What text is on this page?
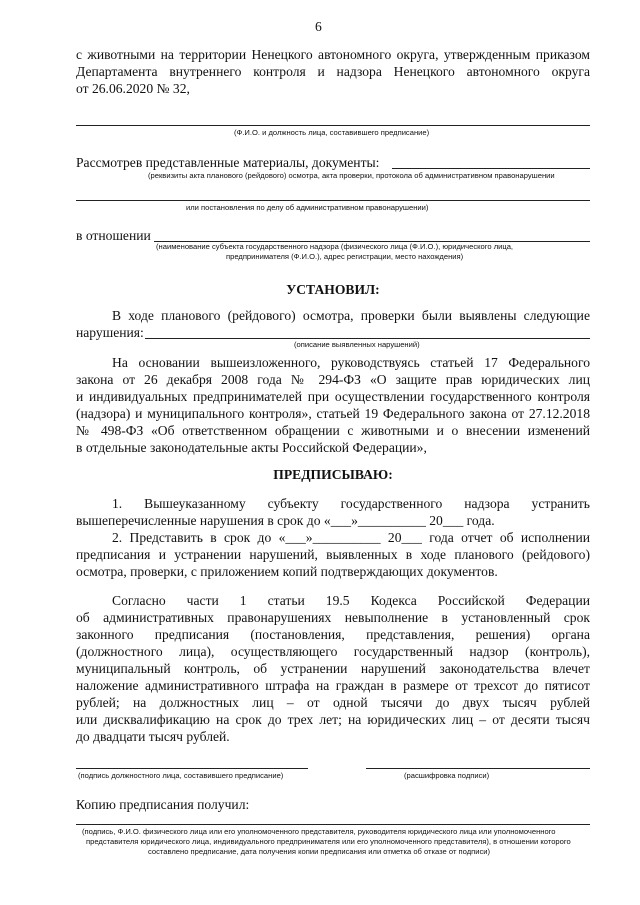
6
с животными на территории Ненецкого автономного округа, утвержденным приказом
Департамента внутреннего контроля и надзора Ненецкого автономного округа
от 26.06.2020 № 32,
(Ф.И.О. и должность лица, составившего предписание)
Рассмотрев представленные материалы, документы:
(реквизиты акта планового (рейдового) осмотра, акта проверки, протокола об административном правонарушении
или постановления по делу об административном правонарушении)
в отношении
(наименование субъекта государственного надзора (физического лица (Ф.И.О.), юридического лица,
предпринимателя (Ф.И.О.), адрес регистрации, место нахождения)
УСТАНОВИЛ:
В ходе планового (рейдового) осмотра, проверки были выявлены следующие
нарушения:
(описание выявленных нарушений)
На основании вышеизложенного, руководствуясь статьей 17 Федерального
закона от 26 декабря 2008 года № 294-ФЗ «О защите прав юридических лиц
и индивидуальных предпринимателей при осуществлении государственного контроля
(надзора) и муниципального контроля», статьей 19 Федерального закона от 27.12.2018
№ 498-ФЗ «Об ответственном обращении с животными и о внесении изменений
в отдельные законодательные акты Российской Федерации»,
ПРЕДПИСЫВАЮ:
1. Вышеуказанному субъекту государственного надзора устранить
вышеперечисленные нарушения в срок до «___»__________ 20___ года.
2. Представить в срок до «___»__________ 20___ года отчет об исполнении
предписания и устранении нарушений, выявленных в ходе планового (рейдового)
осмотра, проверки, с приложением копий подтверждающих документов.
Согласно части 1 статьи 19.5 Кодекса Российской Федерации
об административных правонарушениях невыполнение в установленный срок
законного предписания (постановления, представления, решения) органа
(должностного лица), осуществляющего государственный надзор (контроль),
муниципальный контроль, об устранении нарушений законодательства влечет
наложение административного штрафа на граждан в размере от трехсот до пятисот
рублей; на должностных лиц – от одной тысячи до двух тысяч рублей
или дисквалификацию на срок до трех лет; на юридических лиц – от десяти тысяч
до двадцати тысяч рублей.
(подпись должностного лица, составившего предписание)	(расшифровка подписи)
Копию предписания получил:
(подпись, Ф.И.О. физического лица или его уполномоченного представителя, руководителя юридического лица или уполномоченного
представителя юридического лица, индивидуального предпринимателя или его уполномоченного представителя), в отношении которого
составлено предписание, дата получения копии предписания или отметка об отказе от подписи)
